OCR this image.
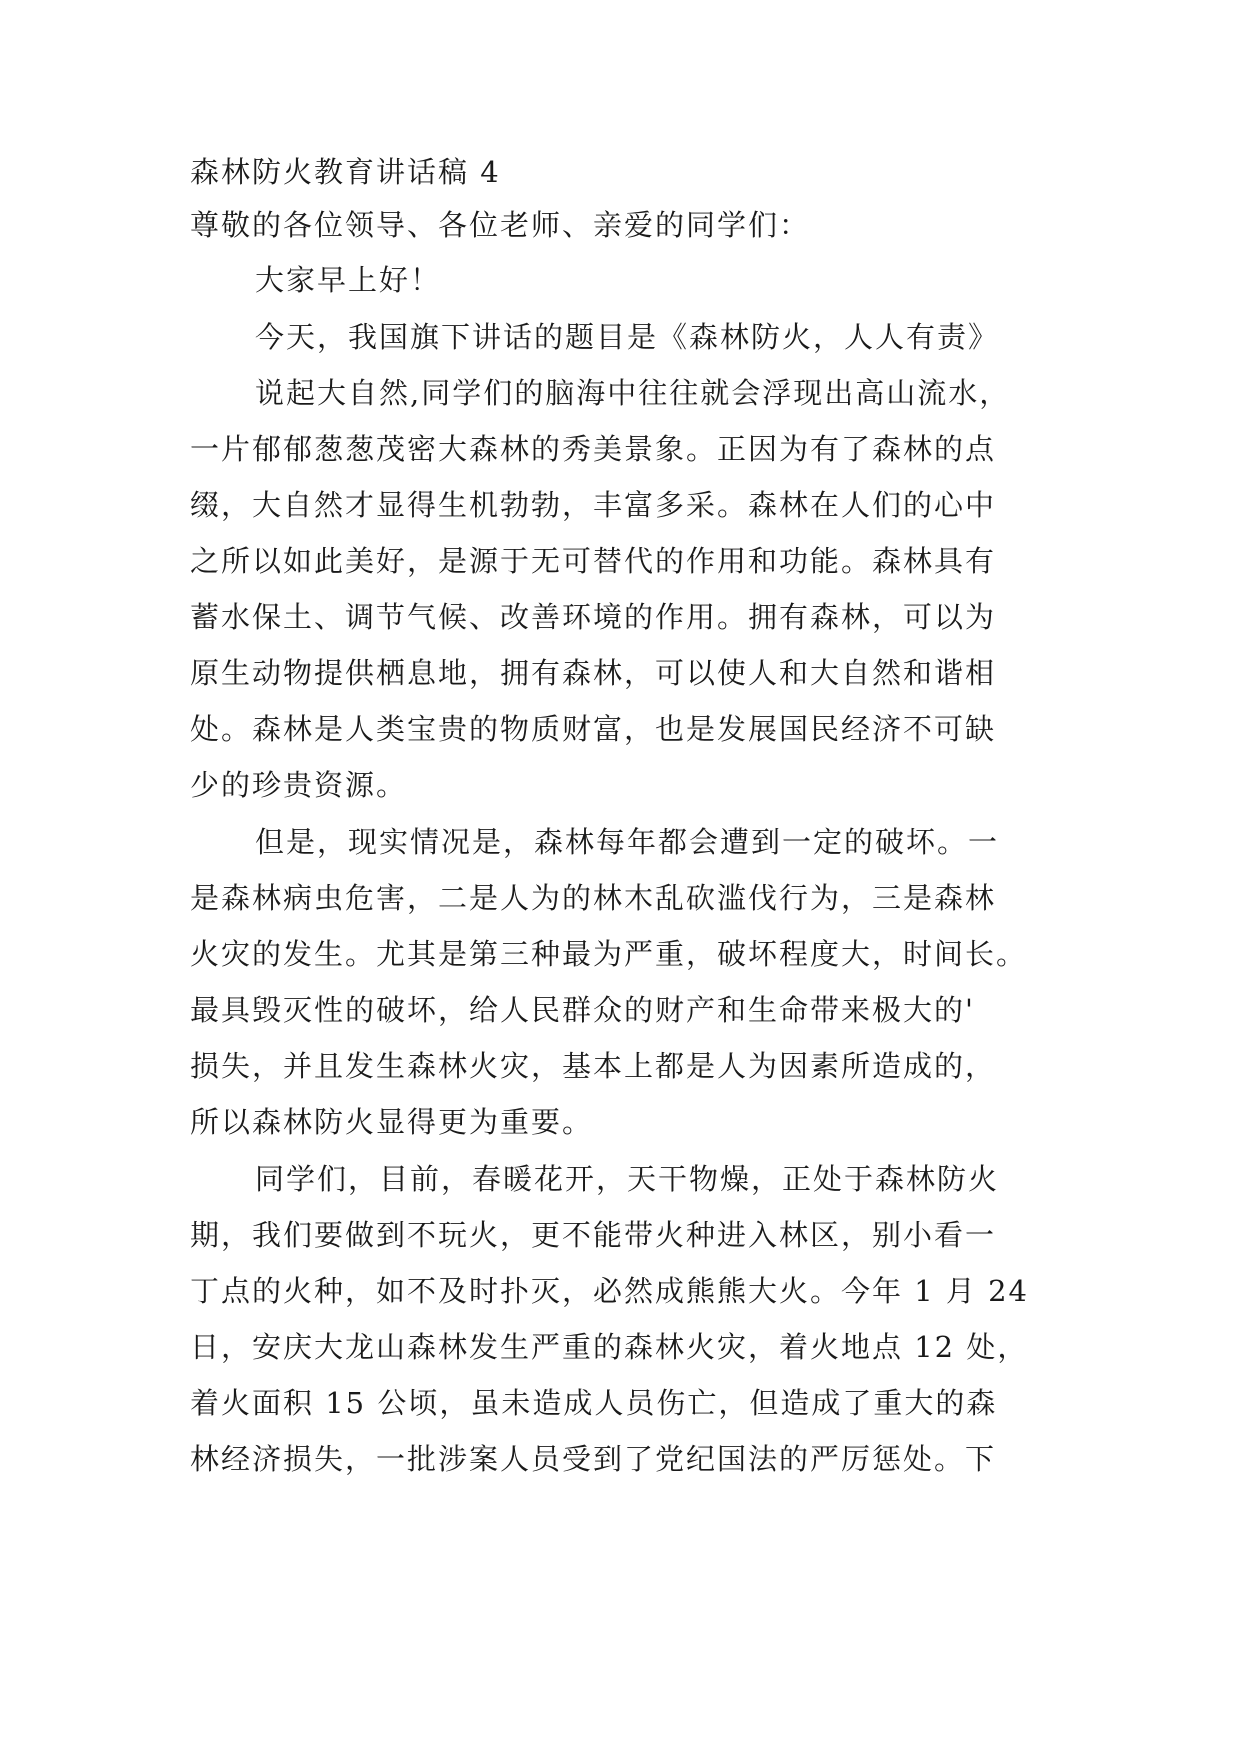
森林防火教育讲话稿 4
尊敬的各位领导、各位老师、亲爱的同学们：
大家早上好！
今天，我国旗下讲话的题目是《森林防火，人人有责》
说起大自然,同学们的脑海中往往就会浮现出高山流水，
一片郁郁葱葱茂密大森林的秀美景象。正因为有了森林的点
缀，大自然才显得生机勃勃，丰富多采。森林在人们的心中
之所以如此美好，是源于无可替代的作用和功能。森林具有
蓄水保土、调节气候、改善环境的作用。拥有森林，可以为
原生动物提供栖息地，拥有森林，可以使人和大自然和谐相
处。森林是人类宝贵的物质财富，也是发展国民经济不可缺
少的珍贵资源。
但是，现实情况是，森林每年都会遭到一定的破坏。一
是森林病虫危害，二是人为的林木乱砍滥伐行为，三是森林
火灾的发生。尤其是第三种最为严重，破坏程度大，时间长。
最具毁灭性的破坏，给人民群众的财产和生命带来极大的'
损失，并且发生森林火灾，基本上都是人为因素所造成的，
所以森林防火显得更为重要。
同学们，目前，春暖花开，天干物燥，正处于森林防火
期，我们要做到不玩火，更不能带火种进入林区，别小看一
丁点的火种，如不及时扑灭，必然成熊熊大火。今年 1 月 24
日，安庆大龙山森林发生严重的森林火灾，着火地点 12 处，
着火面积 15 公顷，虽未造成人员伤亡，但造成了重大的森
林经济损失，一批涉案人员受到了党纪国法的严厉惩处。下
